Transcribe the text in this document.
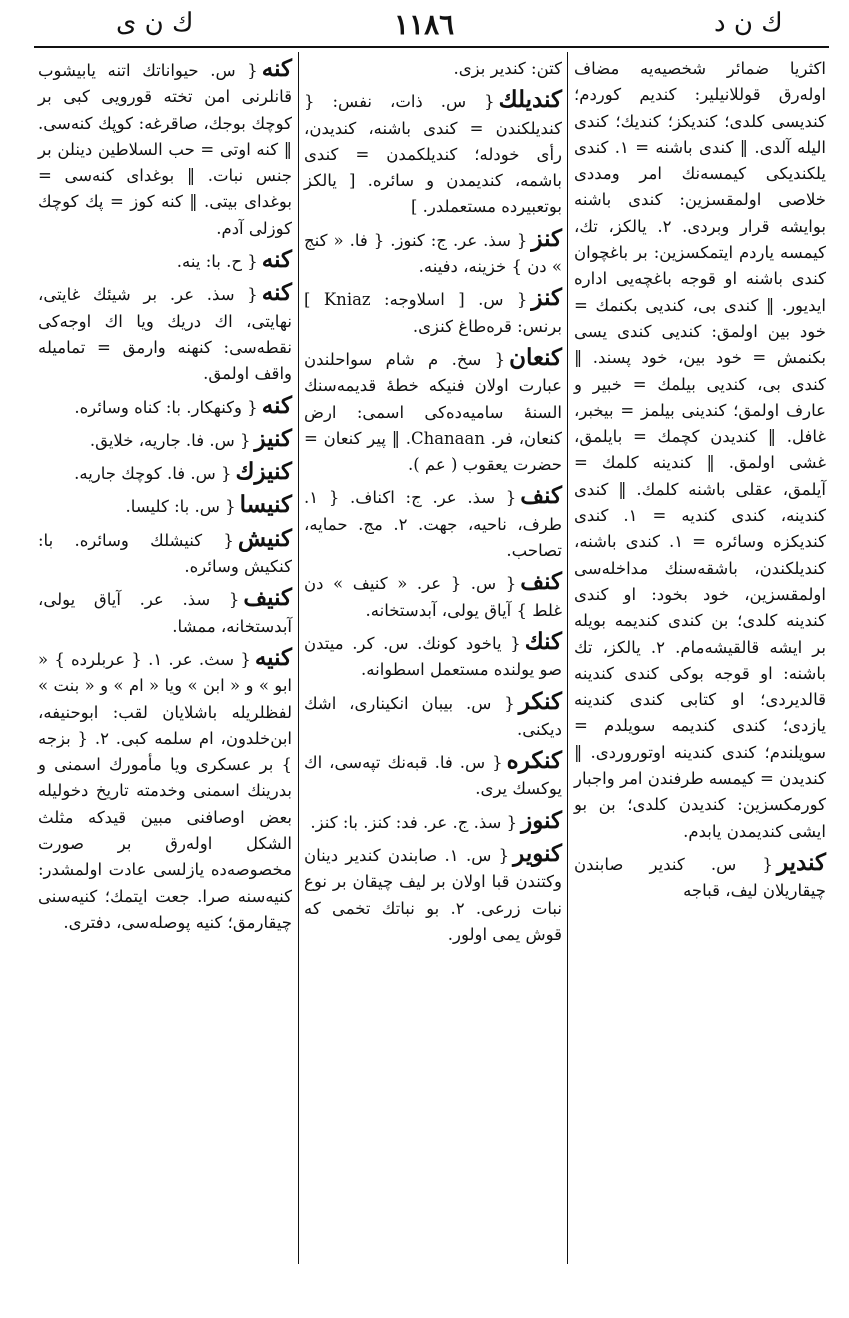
ك ن ى	۱۱۸٦	ك ن د

اكثريا ضمائر شخصيه‌يه مضاف اولەرق قوللانيلير: كنديم كوردم؛ كنديسى كلدى؛ كنديكز؛ كنديك؛ كندى اليله آلدى. ‖ كندى باشنه = ۱. كندى يلكنديكى كيمسه‌نك امر ومددى خلاصى اولمقسزين: كندى باشنه بوايشه قرار وبردى. ۲. يالكز، تك، كيمسه ياردم ايتمكسزين: بر باغچوان كندى باشنه او قوجه باغچه‌يى اداره ايديور. ‖ كندى بى، كنديى بكنمك = خود بين اولمق: كنديى كندى يسى بكنمش = خود بين، خود پسند. ‖ كندى بى، كنديى بيلمك = خبير و عارف اولمق؛ كندينى بيلمز = بيخبر، غافل. ‖ كنديدن كچمك = بايلمق، غشى اولمق. ‖ كندينه كلمك = آيلمق، عقلى باشنه كلمك. ‖ كندى كندينه، كندى كنديه = ۱. كندى كنديكزه وسائره = ۱. كندى باشنه، كنديلكندن، باشقه‌سنك مداخله‌سى اولمقسزين، خود بخود: او كندى كندينه كلدى؛ بن كندى كنديمه بويله بر ايشه قالقيشه‌مام. ۲. يالكز، تك باشنه: او قوجه بوكى كندى كندينه قالديردى؛ او كتابى كندى كندينه يازدى؛ كندى كنديمه سويلدم = سويلندم؛ كندى كندينه اوتوروردى. ‖ كنديدن = كيمسه طرفندن امر واجبار كورمكسزين: كنديدن كلدى؛ بن بو ايشى كنديمدن يابدم.

كندير{ س. كندير صابندن چيقاريلان ليف، قباجه

كتن: كندير بزى.

كنديلك{ س. ذات، نفس: { كنديلكندن = كندى باشنه، كنديدن، رأى خودله؛ كنديلكمدن = كندى باشمه، كنديمدن و سائره. [ يالكز بوتعبيرده مستعملدر. ]

كنز{ سذ. عر. ج: كنوز. { فا. « كنج » دن } خزينه، دفينه.

كنز{ س. [ اسلاوجه: Kniaz ] برنس: قره‌طاغ كنزى.

كنعان{ سخ. م شام سواحلندن عبارت اولان فنيكه خطهٔ قديمه‌سنك السنهٔ ساميه‌ده‌كى اسمى: ارض كنعان، فر. Chanaan. ‖ پير كنعان = حضرت يعقوب ( عم ).

كنف{ سذ. عر. ج: اكناف. { ۱. طرف، ناحيه، جهت. ۲. مج. حمايه، تصاحب.

كنف{ س. { عر. « كنيف » دن غلط } آياق يولى، آبدستخانه.

كنك{ ياخود كونك. س. كر. ميتدن صو يولنده مستعمل اسطوانه.

كنكر{ س. بيبان انكينارى، اشك ديكنى.

كنكره{ س. فا. قبه‌نك تپه‌سى، اك يوكسك يرى.

كنوز{ سذ. ج. عر. فد: كنز. با: كنز.

كنوير{ س. ۱. صابندن كندير دينان وكتندن قبا اولان بر ليف چيقان بر نوع نبات زرعى. ۲. بو نباتك تخمى كه قوش يمى اولور.

كنه{ س. حيواناتك اتنه يابيشوب قانلرنى امن تخته قورويى كبى بر كوچك بوجك، صاقرغه: كوپك كنه‌سى. ‖ كنه اوتى = حب السلاطين دينلن بر جنس نبات. ‖ بوغداى كنه‌سى = بوغداى بيتى. ‖ كنه كوز = پك كوچك كوزلى آدم.

كنه{ ح. با: ينه.

كنه{ سذ. عر. بر شيئك غايتى، نهايتى، اك دريك ويا اك اوجه‌كى نقطه‌سى: كنهنه وارمق = تماميله واقف اولمق.

كنه{ وكنهكار. با: كناه وسائره.

كنيز{ س. فا. جاريه، خلايق.

كنيزك{ س. فا. كوچك جاريه.

كنيسا{ س. با: كليسا.

كنيش{ كنيشلك وسائره. با: كنكيش وسائره.

كنيف{ سذ. عر. آياق يولى، آبدستخانه، ممشا.

كنيه{ سث. عر. ۱. { عربلرده } « ابو » و « ابن » ويا « ام » و « بنت » لفظلريله باشلايان لقب: ابوحنيفه، ابن‌خلدون، ام سلمه كبى. ۲. { بزجه } بر عسكرى ويا مأمورك اسمنى و بدرينك اسمنى وخدمته تاريخ دخوليله بعض اوصافنى مبين قيدكه مثلث الشكل اولەرق بر صورت مخصوصه‌ده يازلسى عادت اولمشدر: كنيه‌سنه صرا. جعت ايتمك؛ كنيه‌سنى چيقارمق؛ كنيه پوصله‌سى، دفترى.
